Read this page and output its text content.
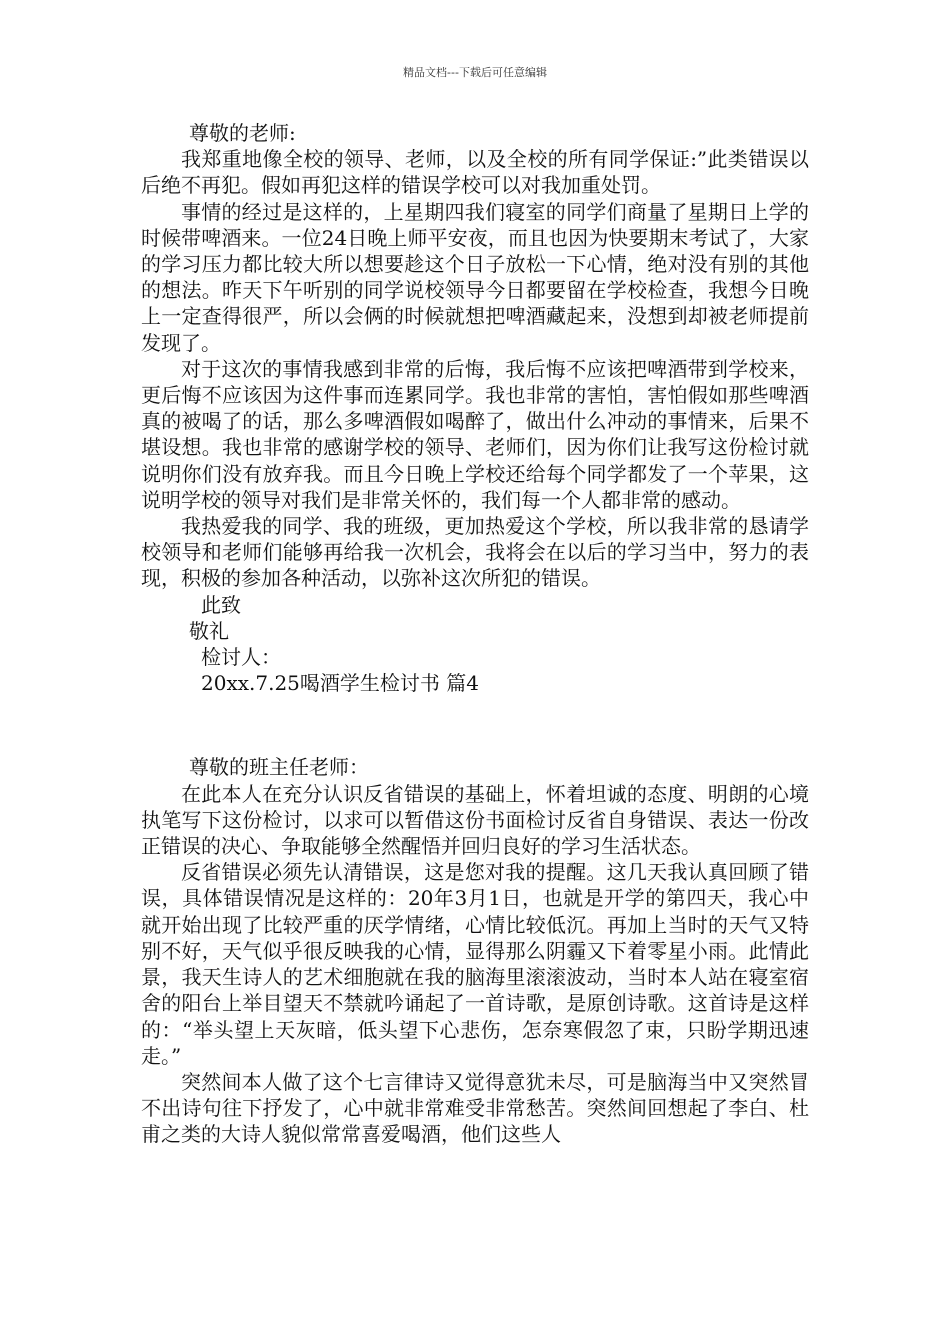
精品文档---下载后可任意编辑

尊敬的老师:

我郑重地像全校的领导、老师，以及全校的所有同学保证:”此类错误以后绝不再犯。假如再犯这样的错误学校可以对我加重处罚。

事情的经过是这样的，上星期四我们寝室的同学们商量了星期日上学的时候带啤酒来。一位24日晚上师平安夜，而且也因为快要期末考试了，大家的学习压力都比较大所以想要趁这个日子放松一下心情，绝对没有别的其他的想法。昨天下午听别的同学说校领导今日都要留在学校检查，我想今日晚上一定查得很严，所以会俩的时候就想把啤酒藏起来，没想到却被老师提前发现了。

对于这次的事情我感到非常的后悔，我后悔不应该把啤酒带到学校来，更后悔不应该因为这件事而连累同学。我也非常的害怕，害怕假如那些啤酒真的被喝了的话，那么多啤酒假如喝醉了，做出什么冲动的事情来，后果不堪设想。我也非常的感谢学校的领导、老师们，因为你们让我写这份检讨就说明你们没有放弃我。而且今日晚上学校还给每个同学都发了一个苹果，这说明学校的领导对我们是非常关怀的，我们每一个人都非常的感动。

我热爱我的同学、我的班级，更加热爱这个学校，所以我非常的恳请学校领导和老师们能够再给我一次机会，我将会在以后的学习当中，努力的表现，积极的参加各种活动，以弥补这次所犯的错误。

此致

敬礼

检讨人：

20xx.7.25喝酒学生检讨书 篇4

尊敬的班主任老师：

在此本人在充分认识反省错误的基础上，怀着坦诚的态度、明朗的心境执笔写下这份检讨，以求可以暂借这份书面检讨反省自身错误、表达一份改正错误的决心、争取能够全然醒悟并回归良好的学习生活状态。

反省错误必须先认清错误，这是您对我的提醒。这几天我认真回顾了错误，具体错误情况是这样的：20年3月1日，也就是开学的第四天，我心中就开始出现了比较严重的厌学情绪，心情比较低沉。再加上当时的天气又特别不好，天气似乎很反映我的心情，显得那么阴霾又下着零星小雨。此情此景，我天生诗人的艺术细胞就在我的脑海里滚滚波动，当时本人站在寝室宿舍的阳台上举目望天不禁就吟诵起了一首诗歌，是原创诗歌。这首诗是这样的：“举头望上天灰暗，低头望下心悲伤，怎奈寒假忽了束，只盼学期迅速走。”

突然间本人做了这个七言律诗又觉得意犹未尽，可是脑海当中又突然冒不出诗句往下抒发了，心中就非常难受非常愁苦。突然间回想起了李白、杜甫之类的大诗人貌似常常喜爱喝酒，他们这些人
